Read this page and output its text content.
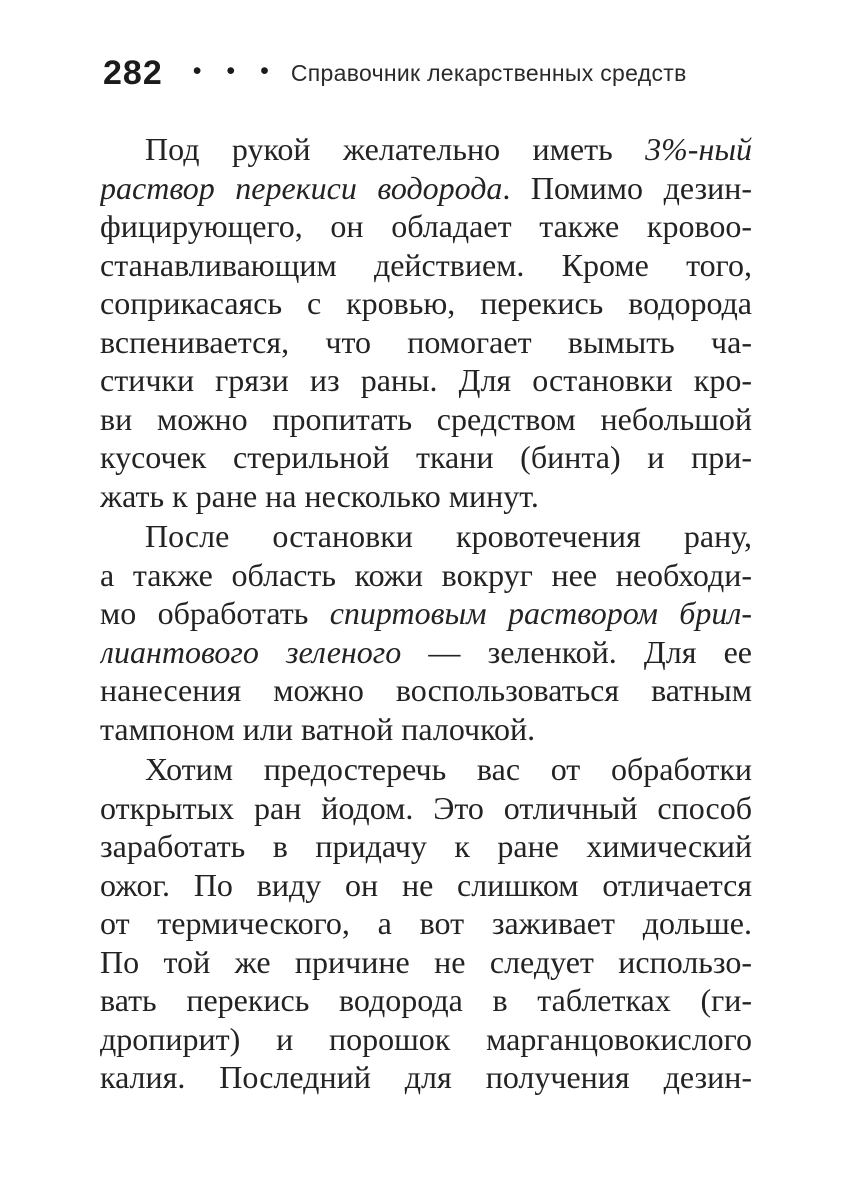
282 • • • Справочник лекарственных средств
Под рукой желательно иметь 3%-ный
раствор перекиси водорода. Помимо дезин-
фицирующего, он обладает также кровоо-
станавливающим действием. Кроме того,
соприкасаясь с кровью, перекись водорода
вспенивается, что помогает вымыть ча-
стички грязи из раны. Для остановки кро-
ви можно пропитать средством небольшой
кусочек стерильной ткани (бинта) и при-
жать к ране на несколько минут.
После остановки кровотечения рану,
а также область кожи вокруг нее необходи-
мо обработать спиртовым раствором брил-
лиантового зеленого — зеленкой. Для ее
нанесения можно воспользоваться ватным
тампоном или ватной палочкой.
Хотим предостеречь вас от обработки
открытых ран йодом. Это отличный способ
заработать в придачу к ране химический
ожог. По виду он не слишком отличается
от термического, а вот заживает дольше.
По той же причине не следует использо-
вать перекись водорода в таблетках (ги-
дропирит) и порошок марганцовокислого
калия. Последний для получения дезин-
